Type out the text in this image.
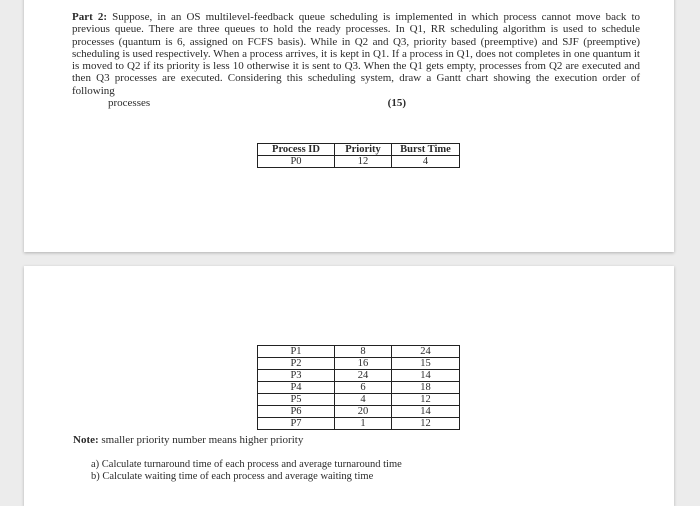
Part 2: Suppose, in an OS multilevel-feedback queue scheduling is implemented in which process cannot move back to previous queue. There are three queues to hold the ready processes. In Q1, RR scheduling algorithm is used to schedule processes (quantum is 6, assigned on FCFS basis). While in Q2 and Q3, priority based (preemptive) and SJF (preemptive) scheduling is used respectively. When a process arrives, it is kept in Q1. If a process in Q1, does not completes in one quantum it is moved to Q2 if its priority is less 10 otherwise it is sent to Q3. When the Q1 gets empty, processes from Q2 are executed and then Q3 processes are executed. Considering this scheduling system, draw a Gantt chart showing the execution order of following
processes	(15)
Process ID	Priority	Burst Time
P0	12	4
P1	8	24
P2	16	15
P3	24	14
P4	6	18
P5	4	12
P6	20	14
P7	1	12
Note: smaller priority number means higher priority
a) Calculate turnaround time of each process and average turnaround time
b) Calculate waiting time of each process and average waiting time
